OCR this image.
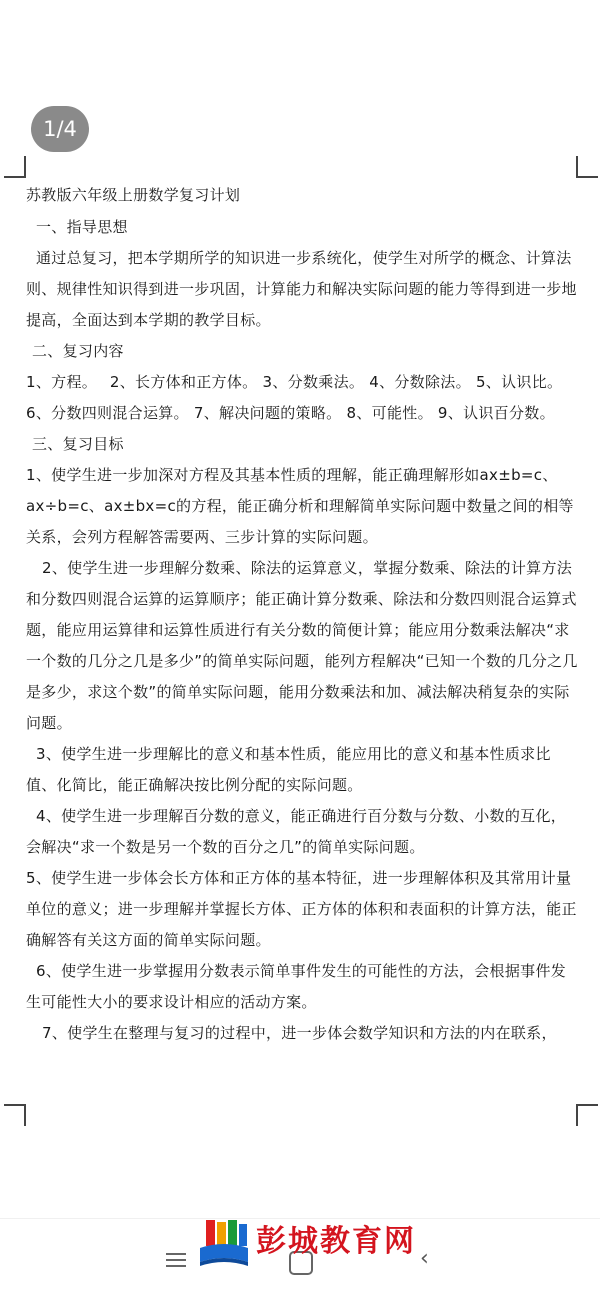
1/4

苏教版六年级上册数学复习计划

一、指导思想

通过总复习，把本学期所学的知识进一步系统化，使学生对所学的概念、计算法则、规律性知识得到进一步巩固，计算能力和解决实际问题的能力等得到进一步地提高，全面达到本学期的教学目标。

二、复习内容

1、方程。　 2、长方体和正方体。 3、分数乘法。 4、分数除法。 5、认识比。　 6、分数四则混合运算。 7、解决问题的策略。 8、可能性。 9、认识百分数。

三、复习目标

1、使学生进一步加深对方程及其基本性质的理解，能正确理解形如ax±b=c、ax÷b=c、ax±bx=c的方程，能正确分析和理解简单实际问题中数量之间的相等关系，会列方程解答需要两、三步计算的实际问题。

2、使学生进一步理解分数乘、除法的运算意义，掌握分数乘、除法的计算方法和分数四则混合运算的运算顺序；能正确计算分数乘、除法和分数四则混合运算式题，能应用运算律和运算性质进行有关分数的简便计算；能应用分数乘法解决“求一个数的几分之几是多少”的简单实际问题，能列方程解决“已知一个数的几分之几是多少，求这个数”的简单实际问题，能用分数乘法和加、减法解决稍复杂的实际问题。

3、使学生进一步理解比的意义和基本性质，能应用比的意义和基本性质求比值、化简比，能正确解决按比例分配的实际问题。

4、使学生进一步理解百分数的意义，能正确进行百分数与分数、小数的互化，会解决“求一个数是另一个数的百分之几”的简单实际问题。

5、使学生进一步体会长方体和正方体的基本特征，进一步理解体积及其常用计量单位的意义；进一步理解并掌握长方体、正方体的体积和表面积的计算方法，能正确解答有关这方面的简单实际问题。

6、使学生进一步掌握用分数表示简单事件发生的可能性的方法，会根据事件发生可能性大小的要求设计相应的活动方案。

7、使学生在整理与复习的过程中，进一步体会数学知识和方法的内在联系，

‹
彭城教育网
